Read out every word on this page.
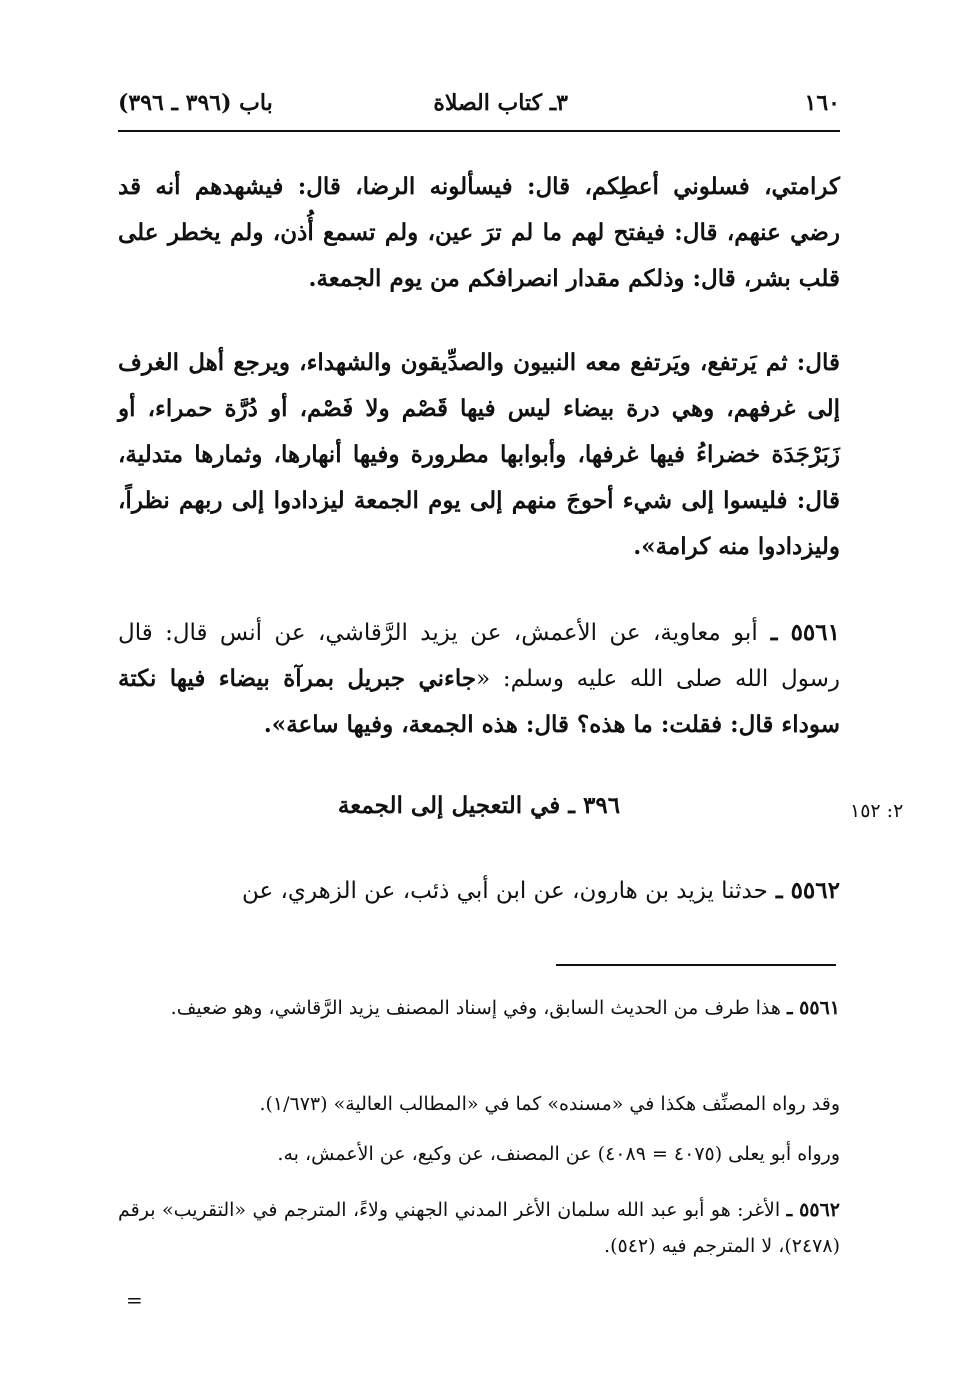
١٦٠
٣ـ كتاب الصلاة
باب (٣٩٦ ـ ٣٩٦)
كرامتي، فسلوني أعطِكم، قال: فيسألونه الرضا، قال: فيشهدهم أنه قد رضي عنهم، قال: فيفتح لهم ما لم ترَ عين، ولم تسمع أُذن، ولم يخطر على قلب بشر، قال: وذلكم مقدار انصرافكم من يوم الجمعة.
قال: ثم يَرتفع، ويَرتفع معه النبيون والصدِّيقون والشهداء، ويرجع أهل الغرف إلى غرفهم، وهي درة بيضاء ليس فيها قَصْم ولا فَصْم، أو دُرَّة حمراء، أو زَبَرْجَدَة خضراءُ فيها غرفها، وأبوابها مطرورة وفيها أنهارها، وثمارها متدلية، قال: فليسوا إلى شيء أحوجَ منهم إلى يوم الجمعة ليزدادوا إلى ربهم نظراً، وليزدادوا منه كرامة».
٥٥٦١ ـ أبو معاوية، عن الأعمش، عن يزيد الرَّقاشي، عن أنس قال: قال رسول الله صلى الله عليه وسلم: «جاءني جبريل بمرآة بيضاء فيها نكتة سوداء قال: فقلت: ما هذه؟ قال: هذه الجمعة، وفيها ساعة».
٣٩٦ ـ في التعجيل إلى الجمعة	٢: ١٥٢
٥٥٦٢ ـ حدثنا يزيد بن هارون، عن ابن أبي ذئب، عن الزهري، عن
٥٥٦١ ـ هذا طرف من الحديث السابق، وفي إسناد المصنف يزيد الرَّقاشي، وهو ضعيف.
وقد رواه المصنِّف هكذا في «مسنده» كما في «المطالب العالية» (١/٦٧٣).
ورواه أبو يعلى (٤٠٧٥ = ٤٠٨٩) عن المصنف، عن وكيع، عن الأعمش، به.
٥٥٦٢ ـ الأغر: هو أبو عبد الله سلمان الأغر المدني الجهني ولاءً، المترجم في «التقريب» برقم (٢٤٧٨)، لا المترجم فيه (٥٤٢).
=
